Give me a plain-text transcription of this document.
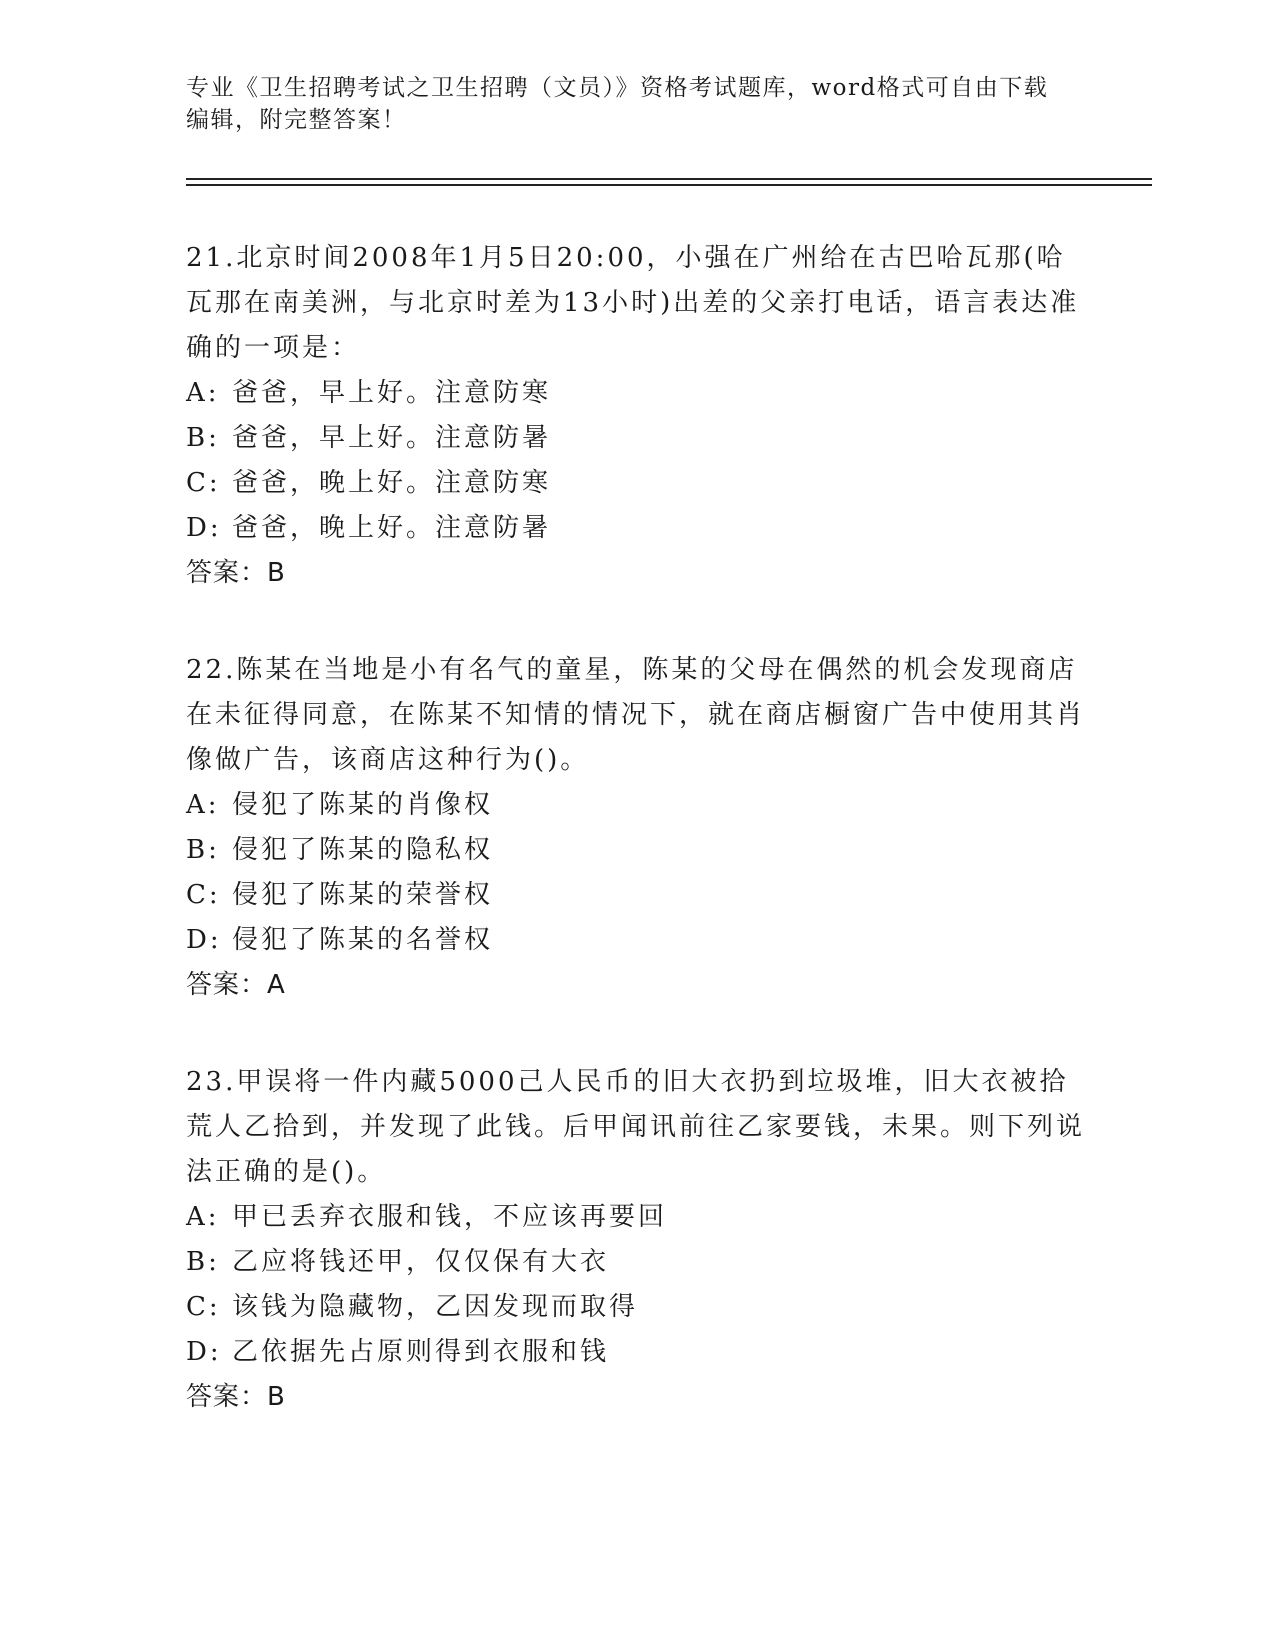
专业《卫生招聘考试之卫生招聘（文员）》资格考试题库，word格式可自由下载
编辑，附完整答案！

21.北京时间2008年1月5日20:00，小强在广州给在古巴哈瓦那(哈瓦那在南美洲，与北京时差为13小时)出差的父亲打电话，语言表达准确的一项是：

A: 爸爸，早上好。注意防寒

B: 爸爸，早上好。注意防暑

C: 爸爸，晚上好。注意防寒

D: 爸爸，晚上好。注意防暑

答案：B

22.陈某在当地是小有名气的童星，陈某的父母在偶然的机会发现商店在未征得同意，在陈某不知情的情况下，就在商店橱窗广告中使用其肖像做广告，该商店这种行为()。

A: 侵犯了陈某的肖像权

B: 侵犯了陈某的隐私权

C: 侵犯了陈某的荣誉权

D: 侵犯了陈某的名誉权

答案：A

23.甲误将一件内藏5000己人民币的旧大衣扔到垃圾堆，旧大衣被拾荒人乙拾到，并发现了此钱。后甲闻讯前往乙家要钱，未果。则下列说法正确的是()。

A: 甲已丢弃衣服和钱，不应该再要回

B: 乙应将钱还甲，仅仅保有大衣

C: 该钱为隐藏物，乙因发现而取得

D: 乙依据先占原则得到衣服和钱

答案：B
